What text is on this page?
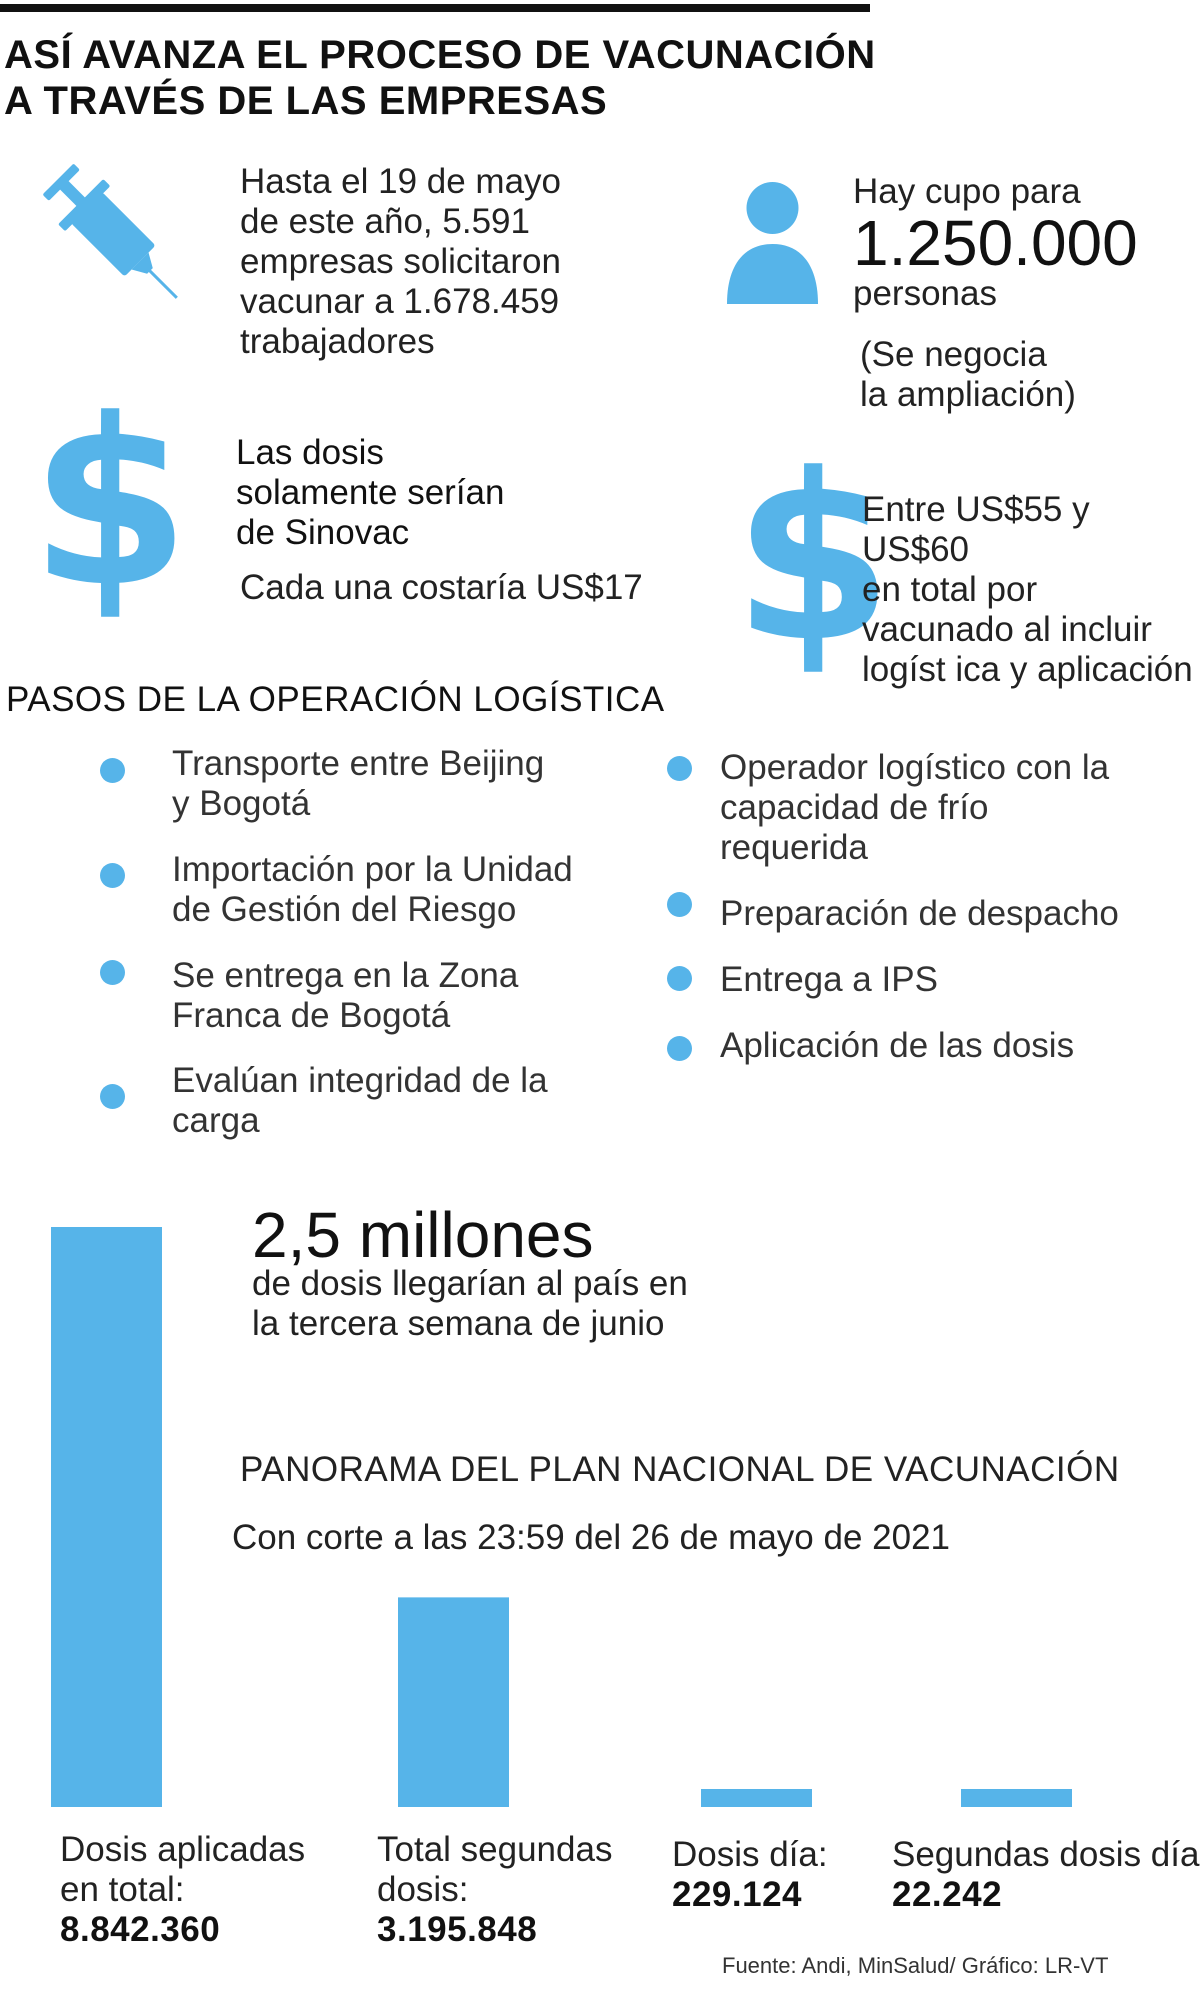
ASÍ AVANZA EL PROCESO DE VACUNACIÓN
A TRAVÉS DE LAS EMPRESAS
Hasta el 19 de mayo
de este año, 5.591
empresas solicitaron
vacunar a 1.678.459
trabajadores
Hay cupo para
1.250.000
personas
(Se negocia
la ampliación)
$ Las dosis
solamente serían
de Sinovac
Cada una costaría US$17 $
Entre US$55 y US$60
en total por
vacunado al incluir
logíst ica y aplicación
PASOS DE LA OPERACIÓN LOGÍSTICA
Transporte entre Beijing
y Bogotá
Importación por la Unidad
de Gestión del Riesgo
Se entrega en la Zona
Franca de Bogotá
Evalúan integridad de la
carga
Operador logístico con la
capacidad de frío
requerida
Preparación de despacho
Entrega a IPS
Aplicación de las dosis
2,5 millones
de dosis llegarían al país en
la tercera semana de junio
PANORAMA DEL PLAN NACIONAL DE VACUNACIÓN
Con corte a las 23:59 del 26 de mayo de 2021
Dosis aplicadas
en total:
8.842.360
Total segundas
dosis:
3.195.848
Dosis día:
229.124
Segundas dosis día
22.242
Fuente: Andi, MinSalud/ Gráfico: LR-VT
